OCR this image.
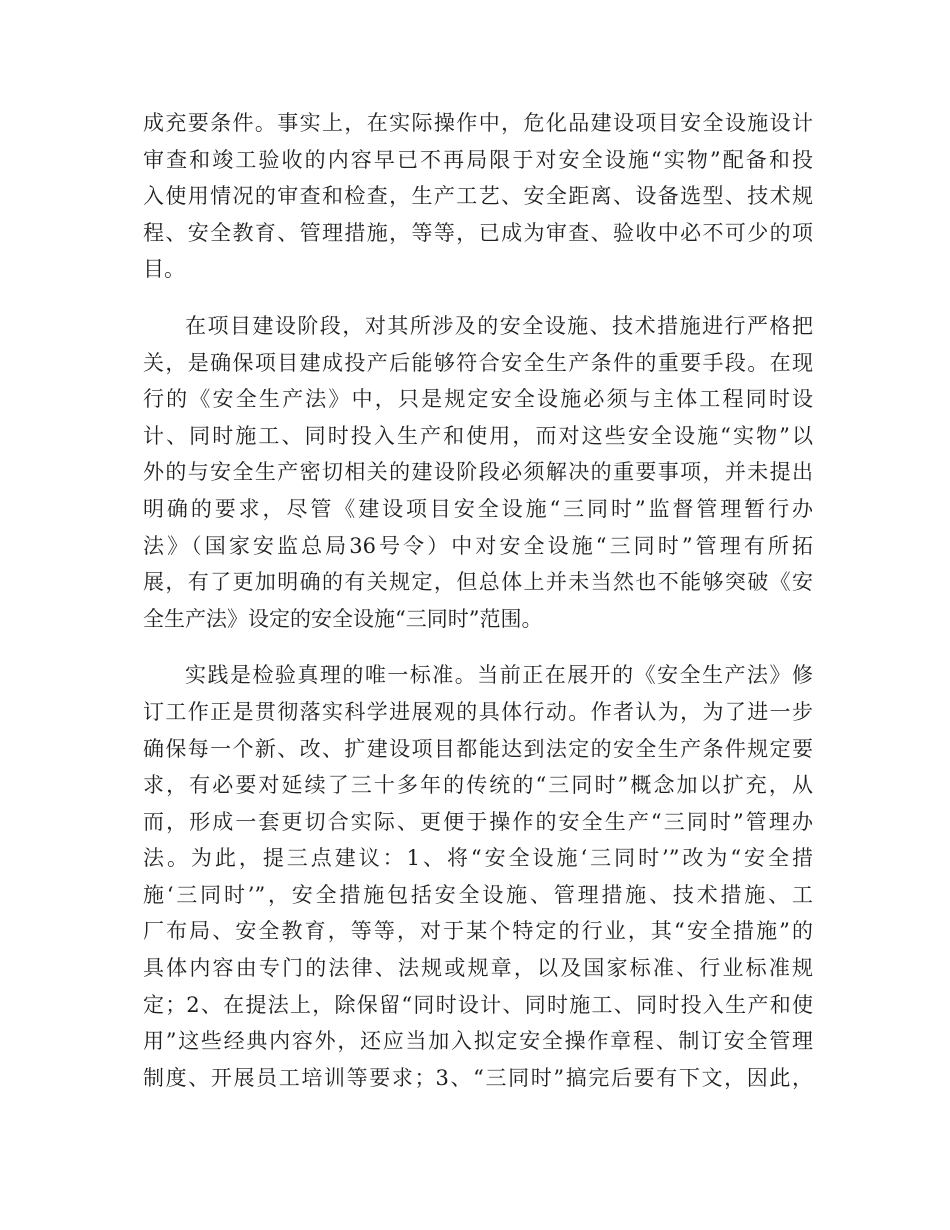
成充要条件。事实上，在实际操作中，危化品建设项目安全设施设计
审查和竣工验收的内容早已不再局限于对安全设施“实物”配备和投
入使用情况的审查和检查，生产工艺、安全距离、设备选型、技术规
程、安全教育、管理措施，等等，已成为审查、验收中必不可少的项
目。
在项目建设阶段，对其所涉及的安全设施、技术措施进行严格把
关，是确保项目建成投产后能够符合安全生产条件的重要手段。在现
行的《安全生产法》中，只是规定安全设施必须与主体工程同时设
计、同时施工、同时投入生产和使用，而对这些安全设施“实物”以
外的与安全生产密切相关的建设阶段必须解决的重要事项，并未提出
明确的要求，尽管《建设项目安全设施“三同时”监督管理暂行办
法》（国家安监总局36号令）中对安全设施“三同时”管理有所拓
展，有了更加明确的有关规定，但总体上并未当然也不能够突破《安
全生产法》设定的安全设施“三同时”范围。
实践是检验真理的唯一标准。当前正在展开的《安全生产法》修
订工作正是贯彻落实科学进展观的具体行动。作者认为，为了进一步
确保每一个新、改、扩建设项目都能达到法定的安全生产条件规定要
求，有必要对延续了三十多年的传统的“三同时”概念加以扩充，从
而，形成一套更切合实际、更便于操作的安全生产“三同时”管理办
法。为此，提三点建议：1、将“安全设施‘三同时’”改为“安全措
施‘三同时’”，安全措施包括安全设施、管理措施、技术措施、工
厂布局、安全教育，等等，对于某个特定的行业，其“安全措施”的
具体内容由专门的法律、法规或规章，以及国家标准、行业标准规
定；2、在提法上，除保留“同时设计、同时施工、同时投入生产和使
用”这些经典内容外，还应当加入拟定安全操作章程、制订安全管理
制度、开展员工培训等要求；3、“三同时”搞完后要有下文，因此，
